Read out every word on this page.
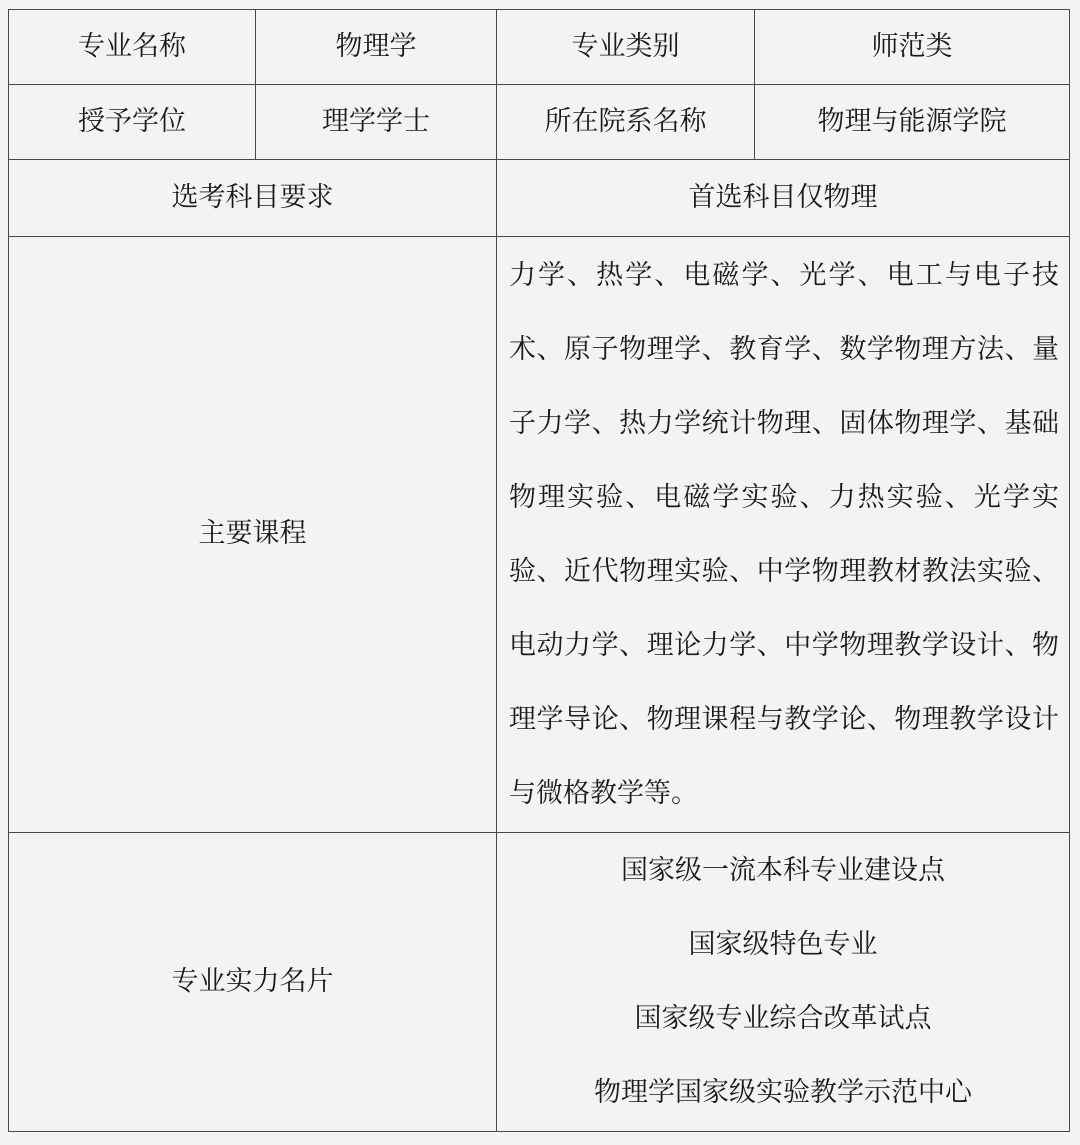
专业名称	物理学	专业类别	师范类
授予学位	理学学士	所在院系名称	物理与能源学院
选考科目要求		首选科目仅物理	
主要课程		力学、热学、电磁学、光学、电工与电子技术、原子物理学、教育学、数学物理方法、量子力学、热力学统计物理、固体物理学、基础物理实验、电磁学实验、力热实验、光学实验、近代物理实验、中学物理教材教法实验、电动力学、理论力学、中学物理教学设计、物理学导论、物理课程与教学论、物理教学设计与微格教学等。	
专业实力名片		国家级一流本科专业建设点
国家级特色专业
国家级专业综合改革试点
物理学国家级实验教学示范中心	
